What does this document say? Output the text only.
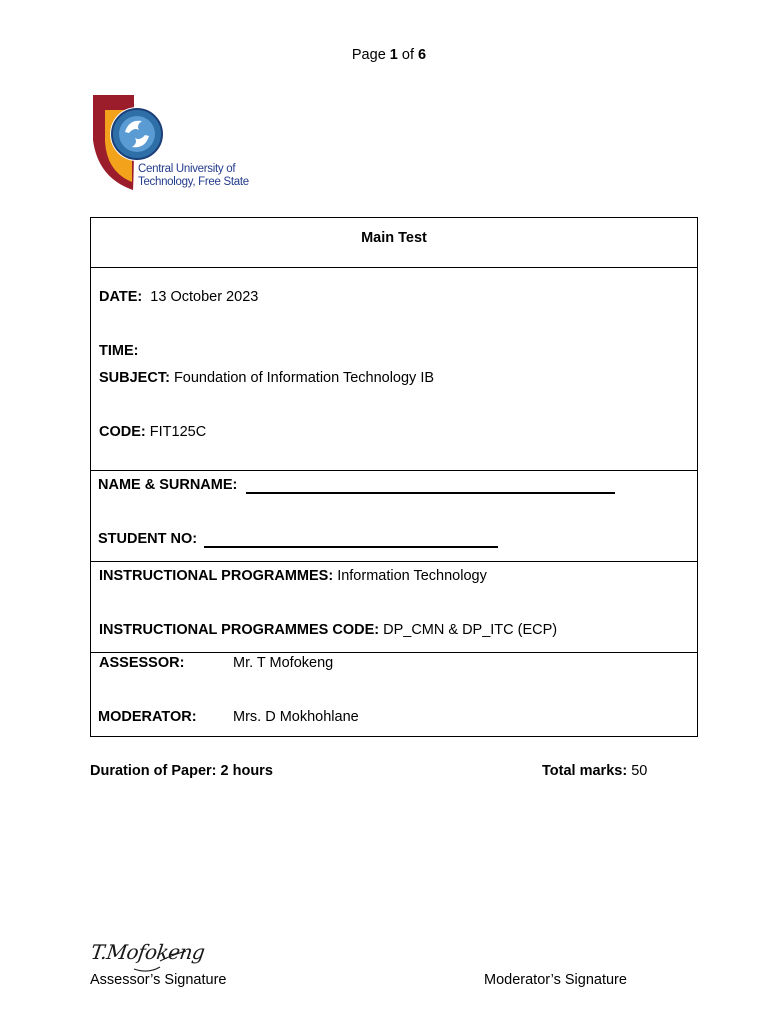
Page 1 of 6
Central University of
Technology, Free State
Main Test
DATE: 13 October 2023
TIME:
SUBJECT: Foundation of Information Technology IB
CODE: FIT125C
NAME & SURNAME:
STUDENT NO:
INSTRUCTIONAL PROGRAMMES: Information Technology
INSTRUCTIONAL PROGRAMMES CODE: DP_CMN & DP_ITC (ECP)
ASSESSOR:	Mr. T Mofokeng
MODERATOR:	Mrs. D Mokhohlane
Duration of Paper: 2 hours	Total marks: 50
T.Mofokeng
Assessor’s Signature	Moderator’s Signature
